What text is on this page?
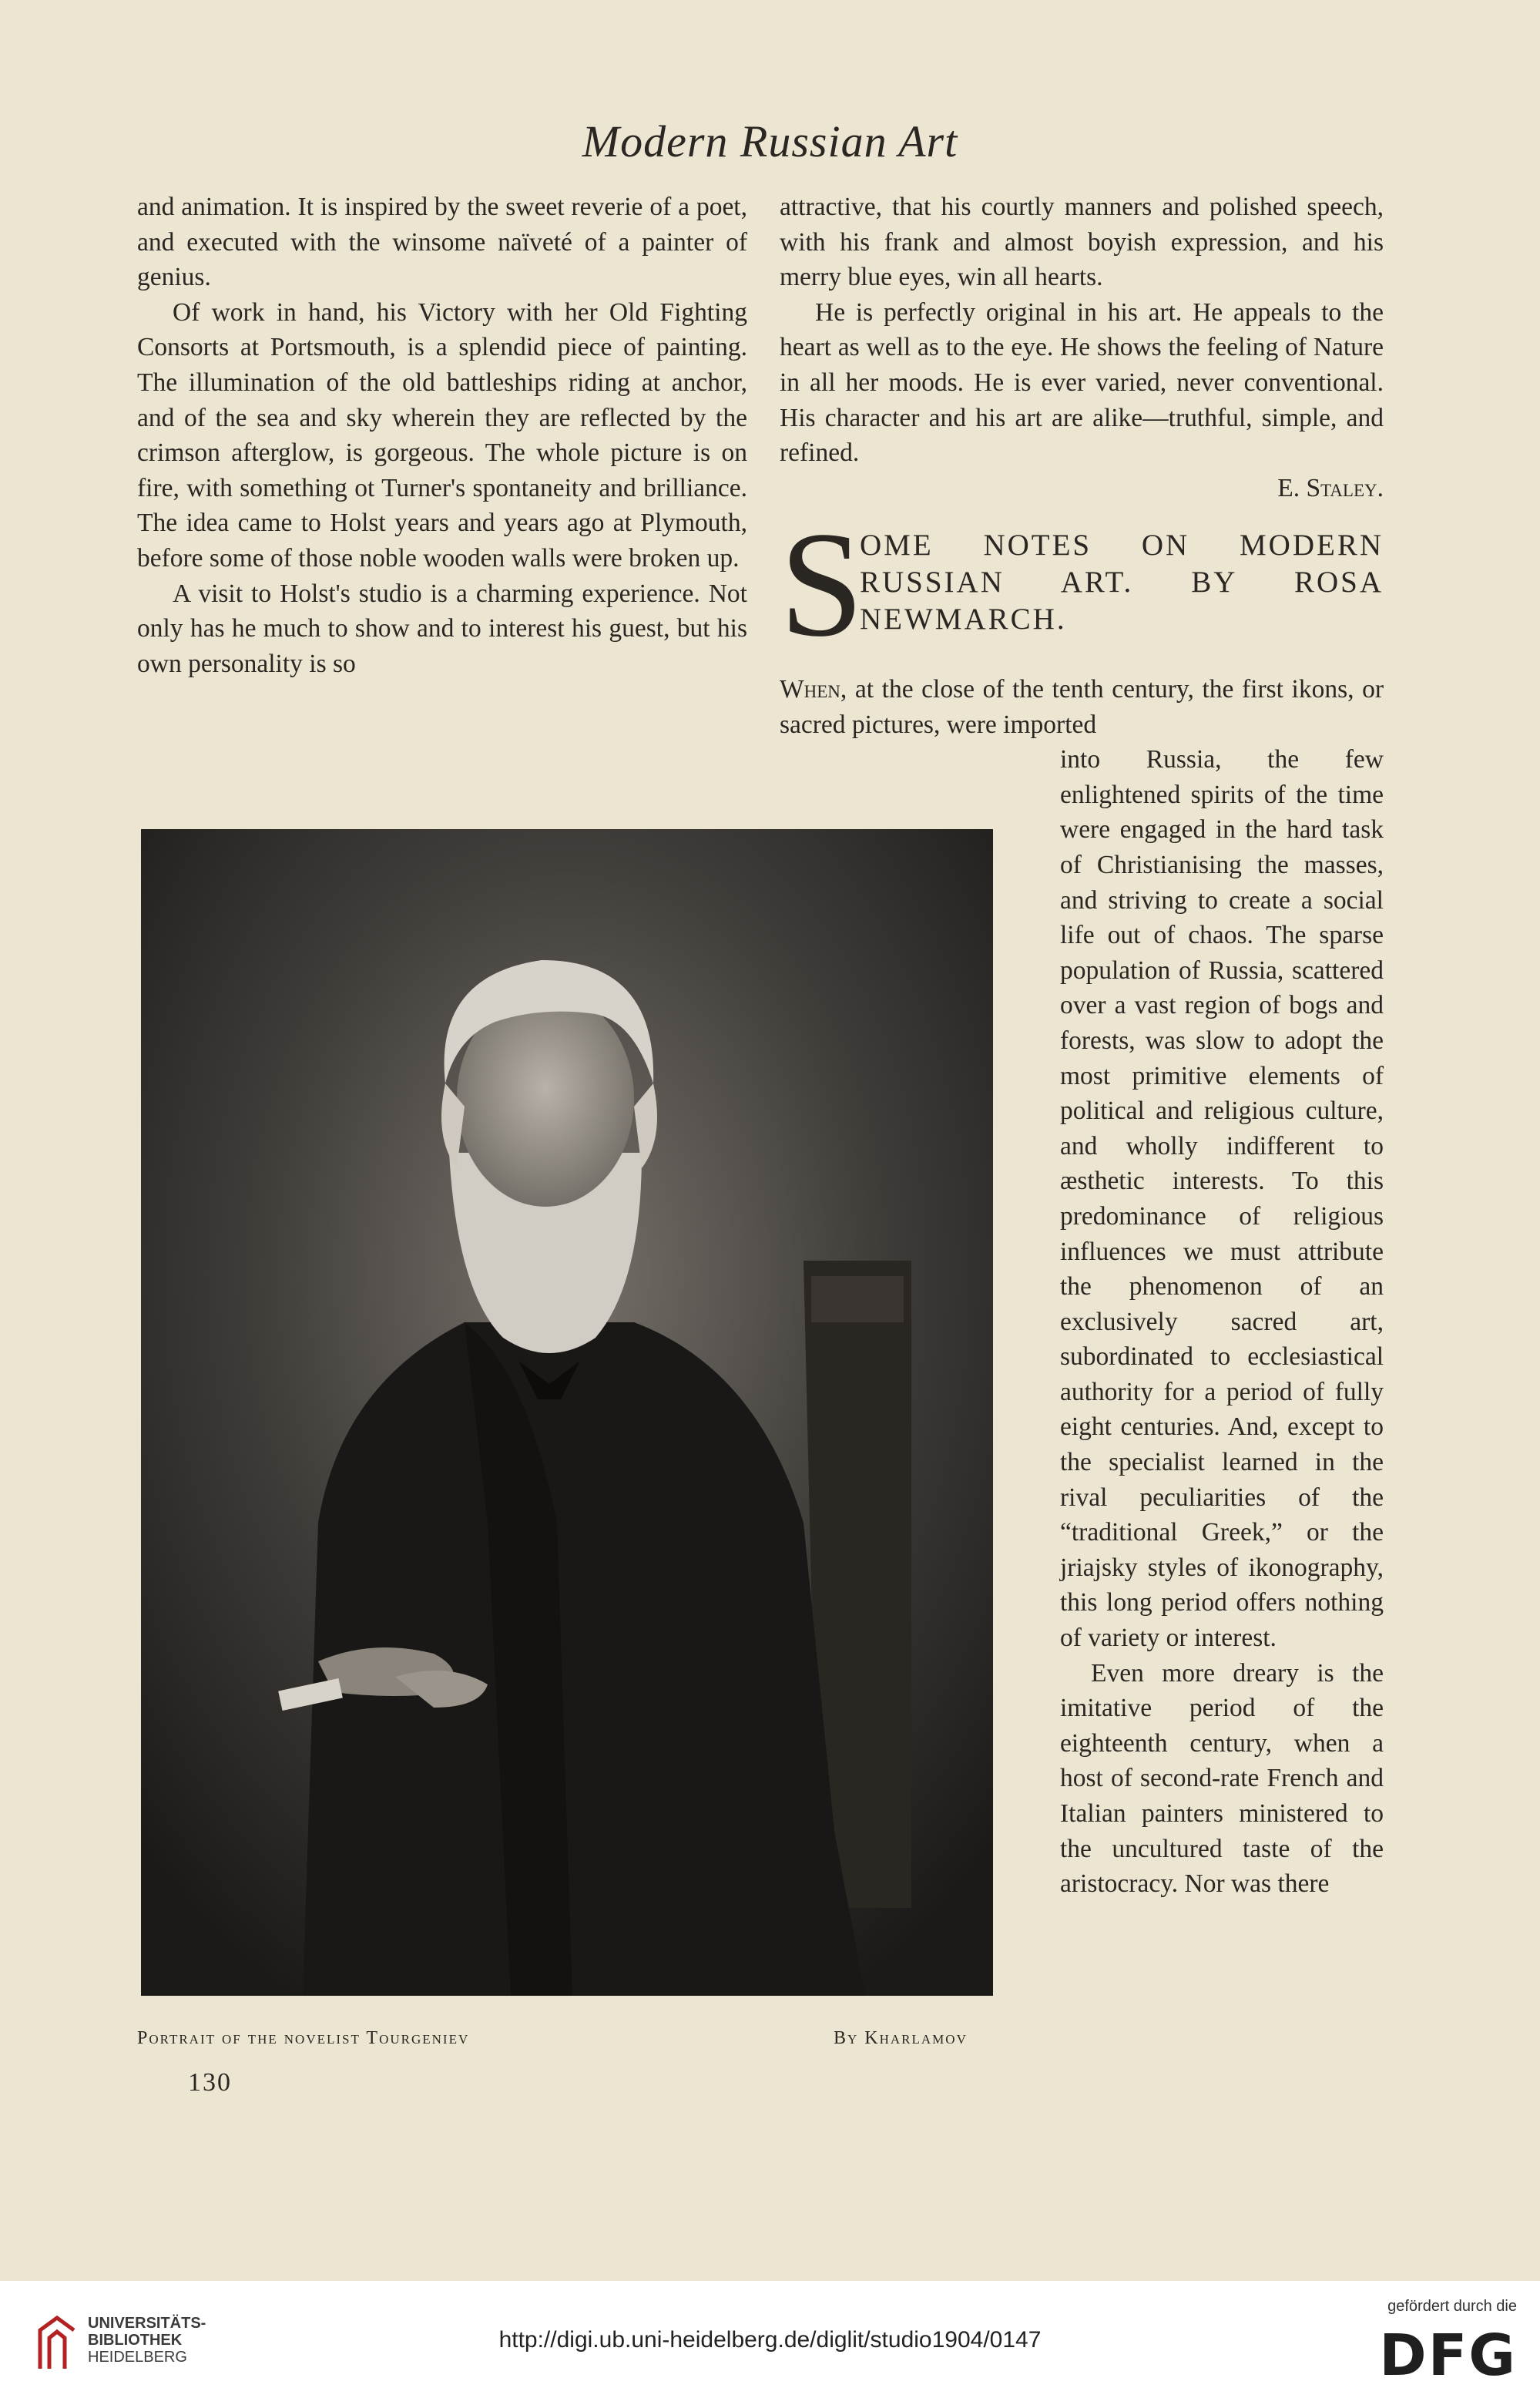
Modern Russian Art

and animation. It is inspired by the sweet reverie of a poet, and executed with the winsome naïveté of a painter of genius.

Of work in hand, his Victory with her Old Fighting Consorts at Portsmouth, is a splendid piece of painting. The illumination of the old battleships riding at anchor, and of the sea and sky wherein they are reflected by the crimson afterglow, is gorgeous. The whole picture is on fire, with something ot Turner's spontaneity and brilliance. The idea came to Holst years and years ago at Plymouth, before some of those noble wooden walls were broken up.

A visit to Holst's studio is a charming experience. Not only has he much to show and to interest his guest, but his own personality is so

attractive, that his courtly manners and polished speech, with his frank and almost boyish expression, and his merry blue eyes, win all hearts.

He is perfectly original in his art. He appeals to the heart as well as to the eye. He shows the feeling of Nature in all her moods. He is ever varied, never conventional. His character and his art are alike—truthful, simple, and refined.

E. Staley.

S
OME NOTES ON MODERN RUSSIAN ART. BY ROSA NEWMARCH.

When, at the close of the tenth century, the first ikons, or sacred pictures, were imported

into Russia, the few enlightened spirits of the time were engaged in the hard task of Christianising the masses, and striving to create a social life out of chaos. The sparse population of Russia, scattered over a vast region of bogs and forests, was slow to adopt the most primitive elements of political and religious culture, and wholly indifferent to æsthetic interests. To this predominance of religious influences we must attribute the phenomenon of an exclusively sacred art, subordinated to ecclesiastical authority for a period of fully eight centuries. And, except to the specialist learned in the rival peculiarities of the “traditional Greek,” or the jriajsky styles of ikonography, this long period offers nothing of variety or interest.

Even more dreary is the imitative period of the eighteenth century, when a host of second-rate French and Italian painters ministered to the uncultured taste of the aristocracy. Nor was there

Portrait of the novelist Tourgeniev	By Kharlamov
130
UNIVERSITÄTS-
BIBLIOTHEK
HEIDELBERG
http://digi.ub.uni-heidelberg.de/diglit/studio1904/0147
gefördert durch die
DFG
